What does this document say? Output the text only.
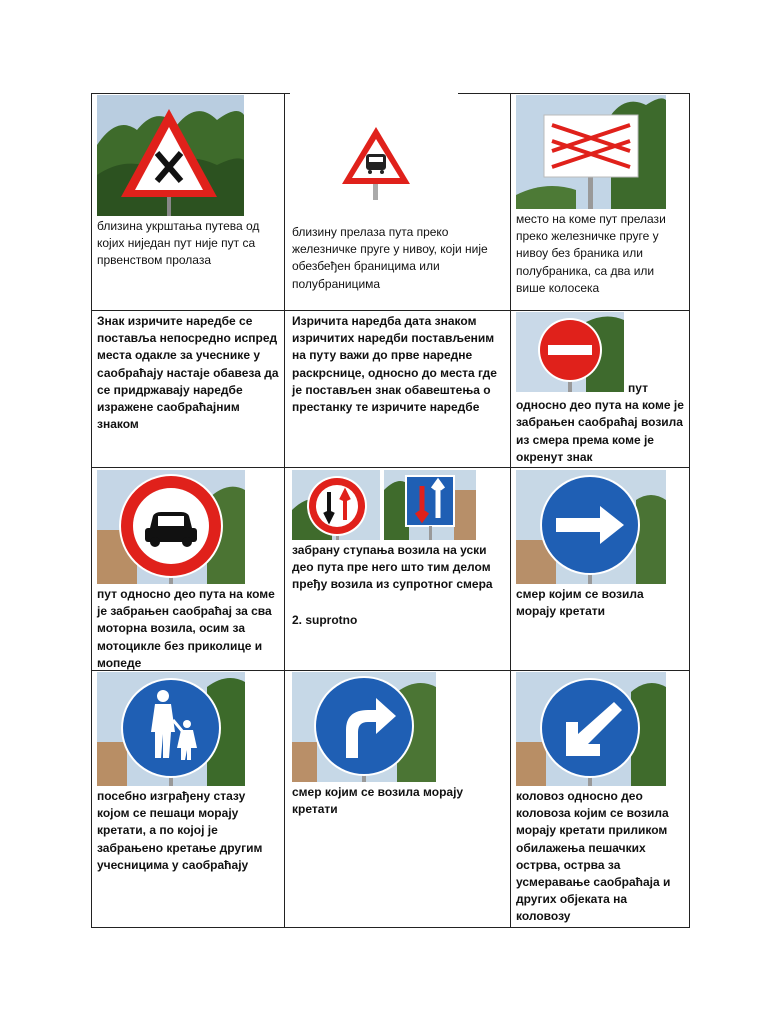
близина укрштања путева од којих ниједан пут није пут са првенством пролаза

близину прелаза пута преко железничке пруге у нивоу, који није обезбеђен браницима или полубраницима

место на коме пут прелази преко железничке пруге у нивоу без браника или полубраника, са два или више колосека

Знак изричите наредбе се поставља непосредно испред места одакле за учеснике у саобраћају настаје обавеза да се придржавају наредбе изражене саобраћајним знаком

Изричита наредба дата знаком изричитих наредби постављеним на путу важи до прве наредне раскрснице, односно до места где је постављен знак обавештења о престанку те изричите наредбе

пут односно део пута на коме је забрањен саобраћај возила из смера према коме је окренут знак

пут односно део пута на коме је забрањен саобраћај за сва моторна возила, осим за мотоцикле без приколице и мопеде

забрану ступања возила на уски део пута пре него што тим делом пређу возила из супротног смера

2. suprotno

смер којим се возила морају кретати

посебно изграђену стазу којом се пешаци морају кретати, а по којој је забрањено кретање другим учесницима у саобраћају

смер којим се возила морају кретати

коловоз односно део коловоза којим се возила морају кретати приликом обилажења пешачких острва, острва за усмеравање саобраћаја и других објеката на коловозу
